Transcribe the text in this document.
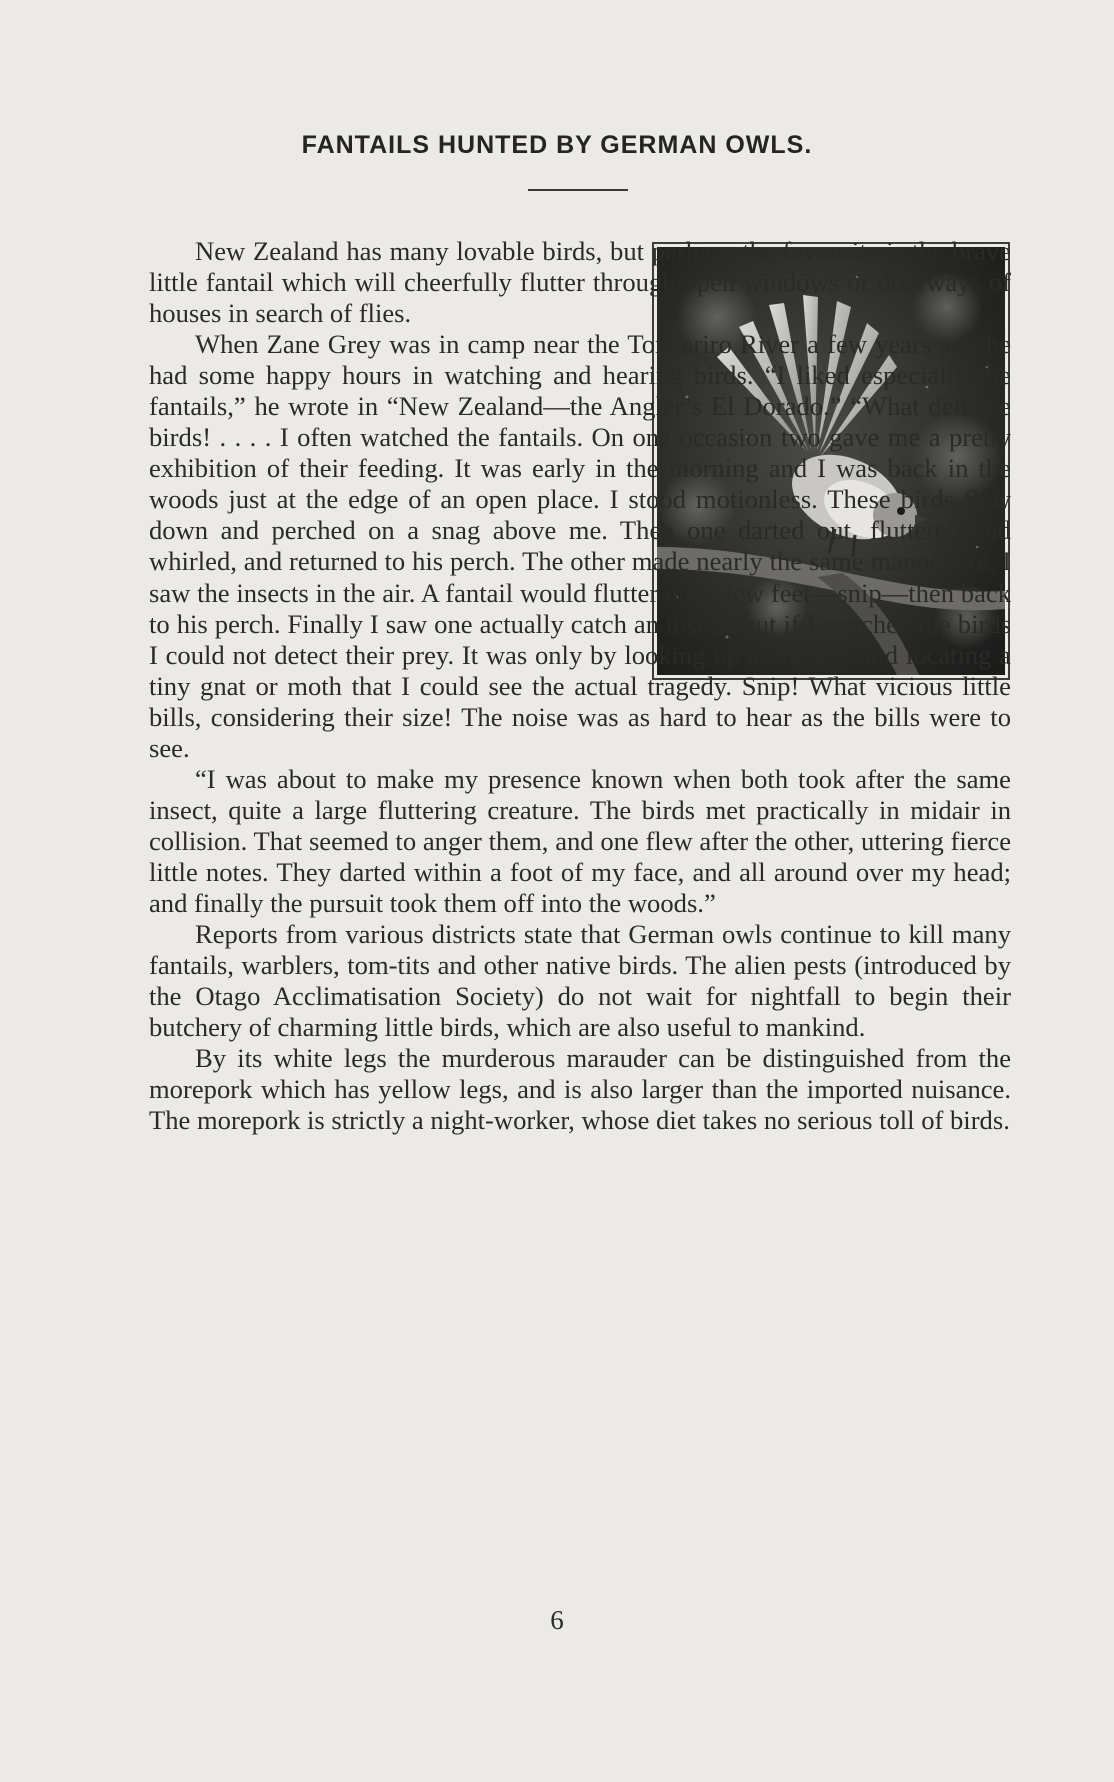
FANTAILS HUNTED BY GERMAN OWLS.

New Zealand has many lovable birds, but perhaps the favourite is the brave little fantail which will cheerfully flutter through open windows or doorways of houses in search of flies.

When Zane Grey was in camp near the Tongariro River a few years ago he had some happy hours in watching and hearing birds. “I liked especially the fantails,” he wrote in “New Zealand—the Angler’s El Dorado.” “What delicate birds! . . . . I often watched the fantails. On one occasion two gave me a pretty exhibition of their feeding. It was early in the morning and I was back in the woods just at the edge of an open place. I stood motionless. These birds flew down and perched on a snag above me. Then one darted out, fluttered and whirled, and returned to his perch. The other made nearly the same manoeuvre. I saw the insects in the air. A fantail would flutter out a few feet—snip—then back to his perch. Finally I saw one actually catch an insect; but if I watched the birds I could not detect their prey. It was only by looking up at the sky and locating a tiny gnat or moth that I could see the actual tragedy. Snip! What vicious little bills, considering their size! The noise was as hard to hear as the bills were to see.

“I was about to make my presence known when both took after the same insect, quite a large fluttering creature. The birds met practically in midair in collision. That seemed to anger them, and one flew after the other, uttering fierce little notes. They darted within a foot of my face, and all around over my head; and finally the pursuit took them off into the woods.”

Reports from various districts state that German owls continue to kill many fantails, warblers, tom-tits and other native birds. The alien pests (introduced by the Otago Acclimatisation Society) do not wait for nightfall to begin their butchery of charming little birds, which are also useful to mankind.

By its white legs the murderous marauder can be distinguished from the morepork which has yellow legs, and is also larger than the imported nuisance. The morepork is strictly a night-worker, whose diet takes no serious toll of birds.

6
